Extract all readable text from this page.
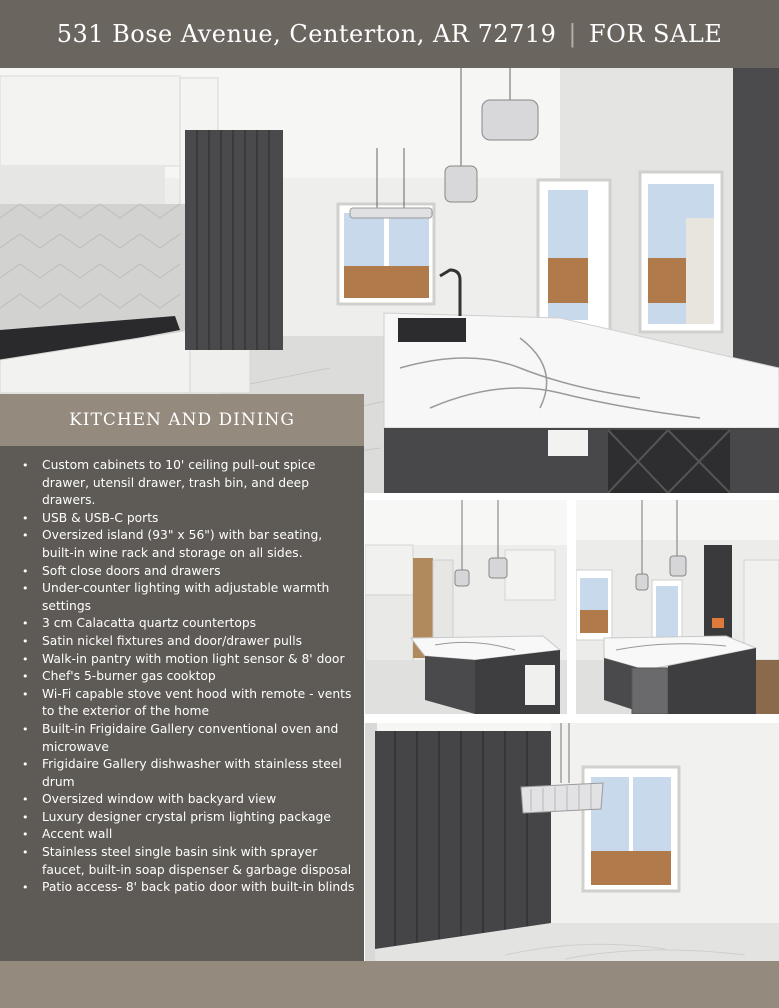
531 Bose Avenue, Centerton, AR 72719 | FOR SALE
KITCHEN AND DINING
• Custom cabinets to 10' ceiling pull-out spice drawer, utensil drawer, trash bin, and deep drawers.
• USB & USB-C ports
• Oversized island (93" x 56") with bar seating, built-in wine rack and storage on all sides.
• Soft close doors and drawers
• Under-counter lighting with adjustable warmth settings
• 3 cm Calacatta quartz countertops
• Satin nickel fixtures and door/drawer pulls
• Walk-in pantry with motion light sensor & 8' door
• Chef's 5-burner gas cooktop
• Wi-Fi capable stove vent hood with remote - vents to the exterior of the home
• Built-in Frigidaire Gallery conventional oven and microwave
• Frigidaire Gallery dishwasher with stainless steel drum
• Oversized window with backyard view
• Luxury designer crystal prism lighting package
• Accent wall
• Stainless steel single basin sink with sprayer faucet, built-in soap dispenser & garbage disposal
• Patio access- 8' back patio door with built-in blinds
